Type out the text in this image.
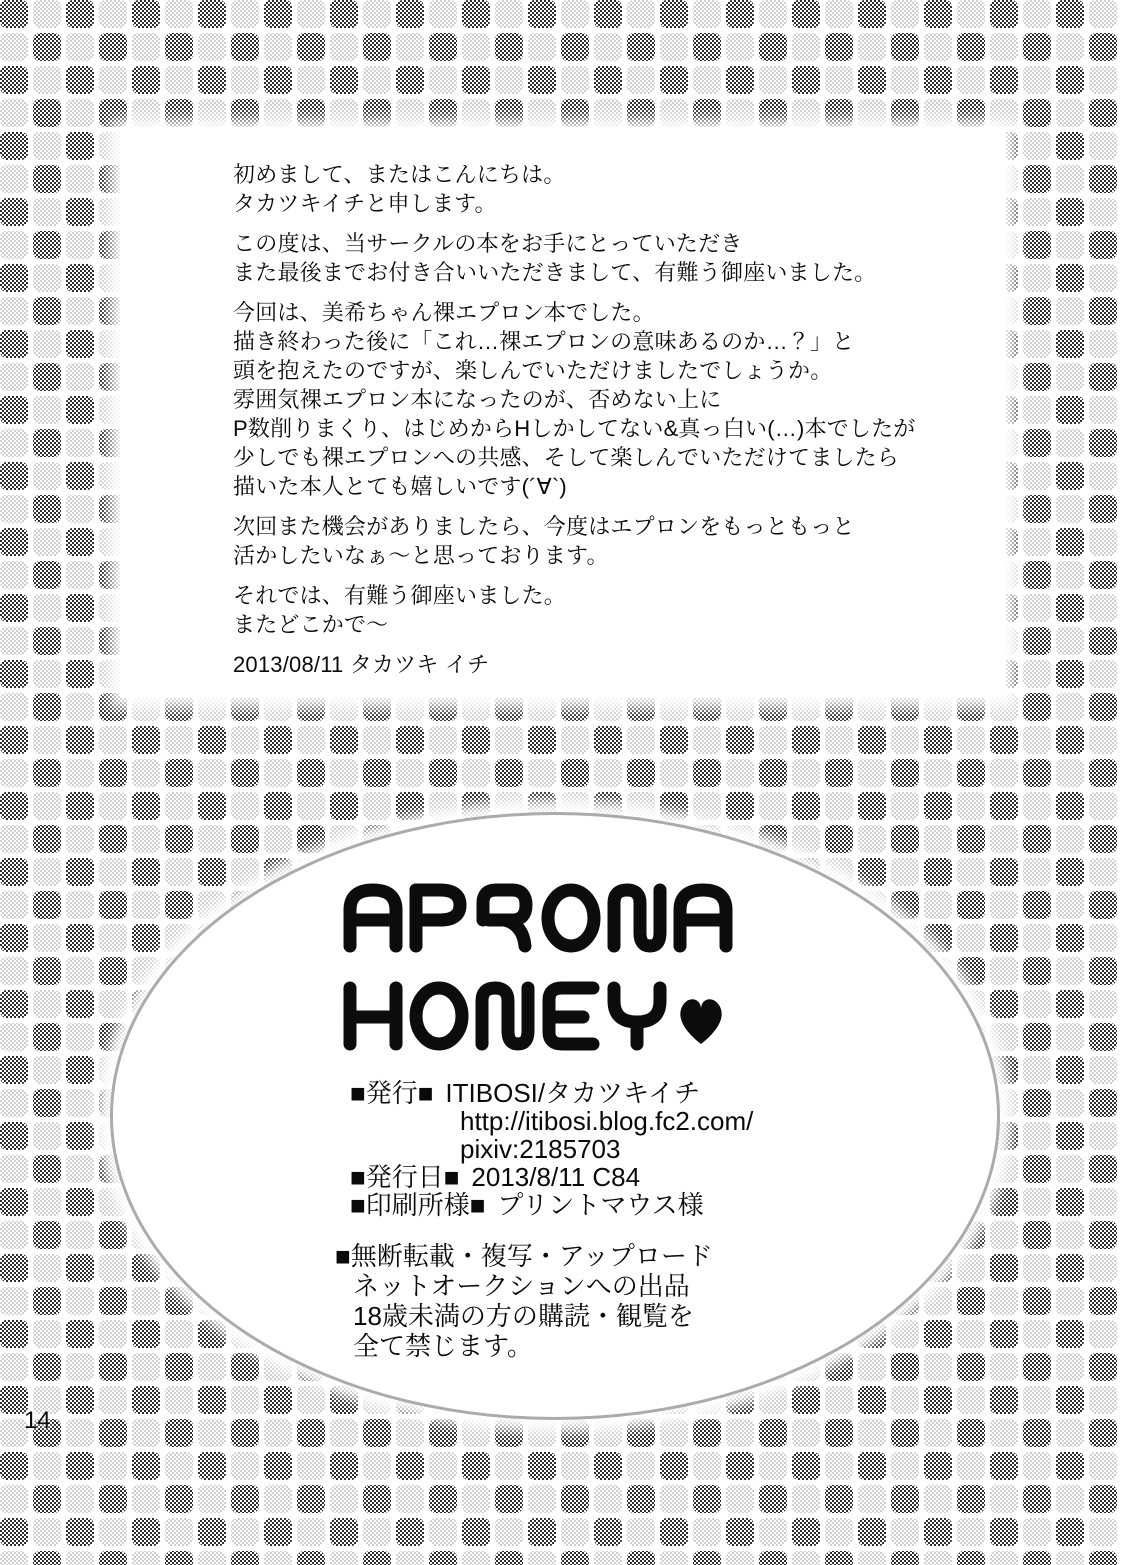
初めまして、またはこんにちは。
タカツキイチと申します。
この度は、当サークルの本をお手にとっていただき
また最後までお付き合いいただきまして、有難う御座いました。
今回は、美希ちゃん裸エプロン本でした。
描き終わった後に「これ…裸エプロンの意味あるのか…？」と
頭を抱えたのですが、楽しんでいただけましたでしょうか。
雰囲気裸エプロン本になったのが、否めない上に
P数削りまくり、はじめからHしかしてない&真っ白い(…)本でしたが
少しでも裸エプロンへの共感、そして楽しんでいただけてましたら
描いた本人とても嬉しいです(´∀`)
次回また機会がありましたら、今度はエプロンをもっともっと
活かしたいなぁ～と思っております。
それでは、有難う御座いました。
またどこかで～
2013/08/11 タカツキ イチ
■発行■ ITIBOSI/タカツキイチ
http://itibosi.blog.fc2.com/
pixiv:2185703
■発行日■ 2013/8/11 C84
■印刷所様■ プリントマウス様
■無断転載・複写・アップロード
ネットオークションへの出品
18歳未満の方の購読・観覧を
全て禁じます。
14
